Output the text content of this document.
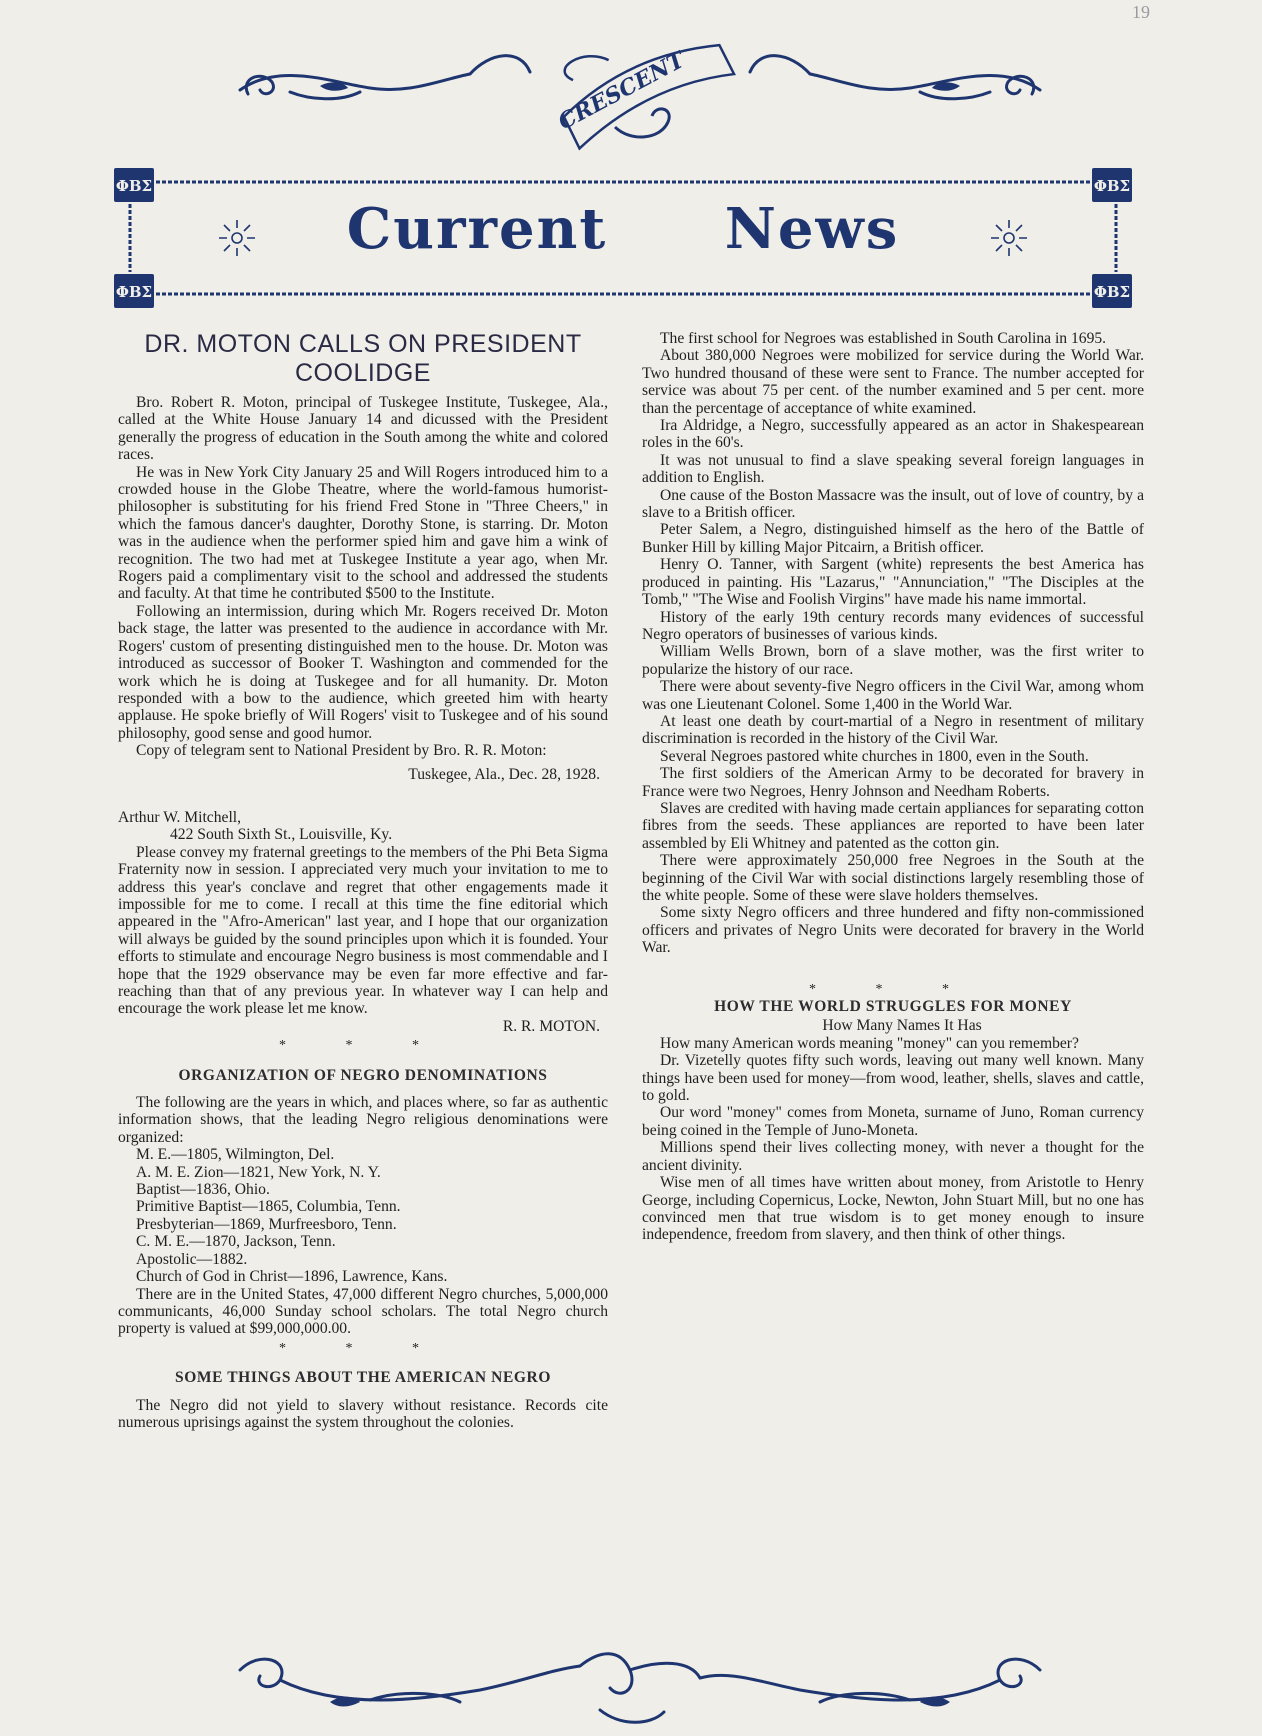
19
CRESCENT
ΦΒΣ
ΦΒΣ
ΦΒΣ
ΦΒΣ
Current News
DR. MOTON CALLS ON PRESIDENT COOLIDGE

Bro. Robert R. Moton, principal of Tuskegee Institute, Tuskegee, Ala., called at the White House January 14 and dicussed with the President generally the progress of education in the South among the white and colored races.

He was in New York City January 25 and Will Rogers introduced him to a crowded house in the Globe Theatre, where the world-famous humorist-philosopher is substituting for his friend Fred Stone in "Three Cheers," in which the famous dancer's daughter, Dorothy Stone, is starring. Dr. Moton was in the audience when the performer spied him and gave him a wink of recognition. The two had met at Tuskegee Institute a year ago, when Mr. Rogers paid a complimentary visit to the school and addressed the students and faculty. At that time he contributed $500 to the Institute.

Following an intermission, during which Mr. Rogers received Dr. Moton back stage, the latter was presented to the audience in accordance with Mr. Rogers' custom of presenting distinguished men to the house. Dr. Moton was introduced as successor of Booker T. Washington and commended for the work which he is doing at Tuskegee and for all humanity. Dr. Moton responded with a bow to the audience, which greeted him with hearty applause. He spoke briefly of Will Rogers' visit to Tuskegee and of his sound philosophy, good sense and good humor.

Copy of telegram sent to National President by Bro. R. R. Moton:

Tuskegee, Ala., Dec. 28, 1928.

Arthur W. Mitchell,

422 South Sixth St., Louisville, Ky.

Please convey my fraternal greetings to the members of the Phi Beta Sigma Fraternity now in session. I appreciated very much your invitation to me to address this year's conclave and regret that other engagements made it impossible for me to come. I recall at this time the fine editorial which appeared in the "Afro-American" last year, and I hope that our organization will always be guided by the sound principles upon which it is founded. Your efforts to stimulate and encourage Negro business is most commendable and I hope that the 1929 observance may be even far more effective and far-reaching than that of any previous year. In whatever way I can help and encourage the work please let me know.

R. R. MOTON.

* * *
ORGANIZATION OF NEGRO DENOMINATIONS

The following are the years in which, and places where, so far as authentic information shows, that the leading Negro religious denominations were organized:

M. E.—1805, Wilmington, Del.

A. M. E. Zion—1821, New York, N. Y.

Baptist—1836, Ohio.

Primitive Baptist—1865, Columbia, Tenn.

Presbyterian—1869, Murfreesboro, Tenn.

C. M. E.—1870, Jackson, Tenn.

Apostolic—1882.

Church of God in Christ—1896, Lawrence, Kans.

There are in the United States, 47,000 different Negro churches, 5,000,000 communicants, 46,000 Sunday school scholars. The total Negro church property is valued at $99,000,000.00.

* * *
SOME THINGS ABOUT THE AMERICAN NEGRO

The Negro did not yield to slavery without resistance. Records cite numerous uprisings against the system throughout the colonies.

The first school for Negroes was established in South Carolina in 1695.

About 380,000 Negroes were mobilized for service during the World War. Two hundred thousand of these were sent to France. The number accepted for service was about 75 per cent. of the number examined and 5 per cent. more than the percentage of acceptance of white examined.

Ira Aldridge, a Negro, successfully appeared as an actor in Shakespearean roles in the 60's.

It was not unusual to find a slave speaking several foreign languages in addition to English.

One cause of the Boston Massacre was the insult, out of love of country, by a slave to a British officer.

Peter Salem, a Negro, distinguished himself as the hero of the Battle of Bunker Hill by killing Major Pitcairn, a British officer.

Henry O. Tanner, with Sargent (white) represents the best America has produced in painting. His "Lazarus," "Annunciation," "The Disciples at the Tomb," "The Wise and Foolish Virgins" have made his name immortal.

History of the early 19th century records many evidences of successful Negro operators of businesses of various kinds.

William Wells Brown, born of a slave mother, was the first writer to popularize the history of our race.

There were about seventy-five Negro officers in the Civil War, among whom was one Lieutenant Colonel. Some 1,400 in the World War.

At least one death by court-martial of a Negro in resentment of military discrimination is recorded in the history of the Civil War.

Several Negroes pastored white churches in 1800, even in the South.

The first soldiers of the American Army to be decorated for bravery in France were two Negroes, Henry Johnson and Needham Roberts.

Slaves are credited with having made certain appliances for separating cotton fibres from the seeds. These appliances are reported to have been later assembled by Eli Whitney and patented as the cotton gin.

There were approximately 250,000 free Negroes in the South at the beginning of the Civil War with social distinctions largely resembling those of the white people. Some of these were slave holders themselves.

Some sixty Negro officers and three hundered and fifty non-commissioned officers and privates of Negro Units were decorated for bravery in the World War.

* * *
HOW THE WORLD STRUGGLES FOR MONEY

How Many Names It Has

How many American words meaning "money" can you remember?

Dr. Vizetelly quotes fifty such words, leaving out many well known. Many things have been used for money—from wood, leather, shells, slaves and cattle, to gold.

Our word "money" comes from Moneta, surname of Juno, Roman currency being coined in the Temple of Juno-Moneta.

Millions spend their lives collecting money, with never a thought for the ancient divinity.

Wise men of all times have written about money, from Aristotle to Henry George, including Copernicus, Locke, Newton, John Stuart Mill, but no one has convinced men that true wisdom is to get money enough to insure independence, freedom from slavery, and then think of other things.
